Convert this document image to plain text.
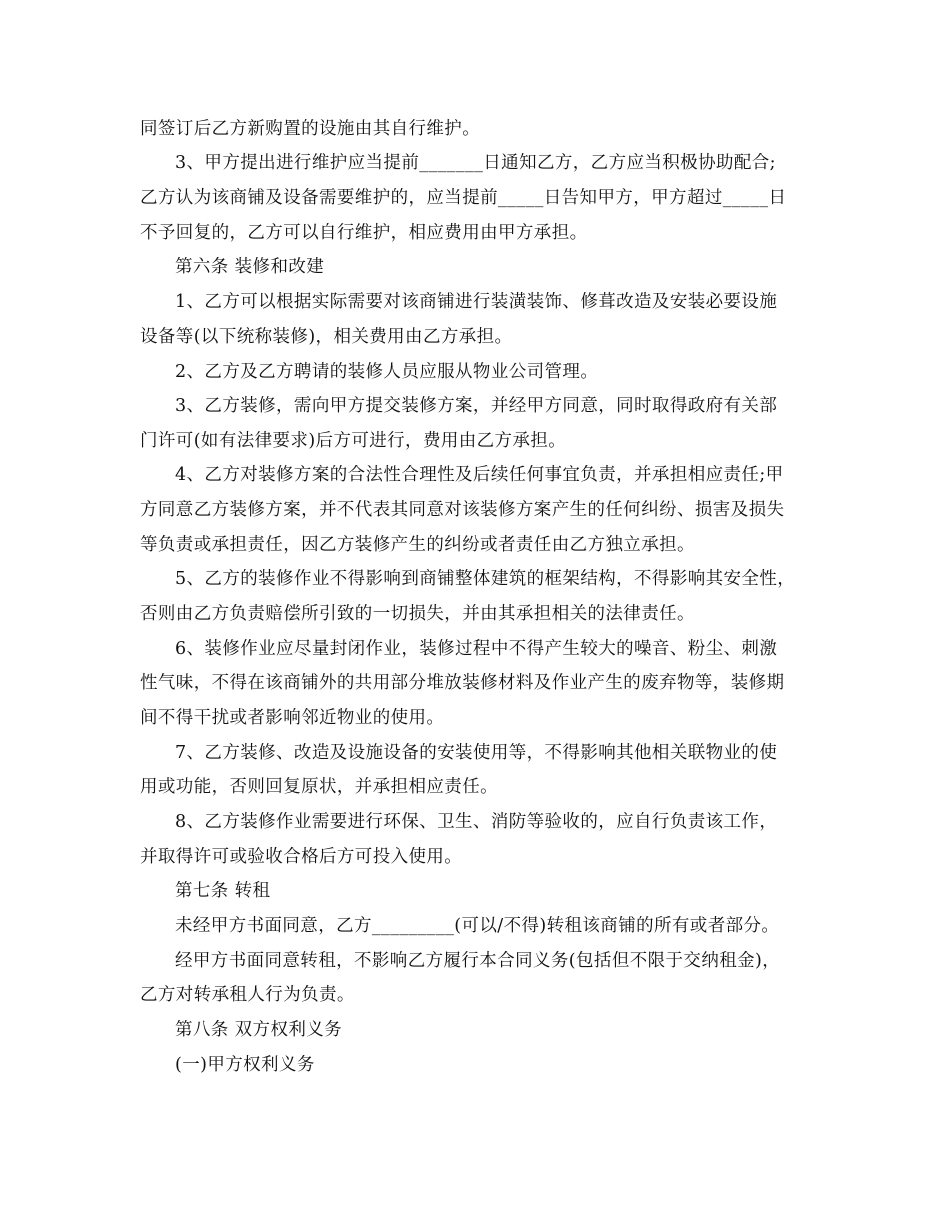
同签订后乙方新购置的设施由其自行维护。
3、甲方提出进行维护应当提前_______日通知乙方，乙方应当积极协助配合;
乙方认为该商铺及设备需要维护的，应当提前_____日告知甲方，甲方超过_____日
不予回复的，乙方可以自行维护，相应费用由甲方承担。
第六条 装修和改建
1、乙方可以根据实际需要对该商铺进行装潢装饰、修葺改造及安装必要设施
设备等(以下统称装修)，相关费用由乙方承担。
2、乙方及乙方聘请的装修人员应服从物业公司管理。
3、乙方装修，需向甲方提交装修方案，并经甲方同意，同时取得政府有关部
门许可(如有法律要求)后方可进行，费用由乙方承担。
4、乙方对装修方案的合法性合理性及后续任何事宜负责，并承担相应责任;甲
方同意乙方装修方案，并不代表其同意对该装修方案产生的任何纠纷、损害及损失
等负责或承担责任，因乙方装修产生的纠纷或者责任由乙方独立承担。
5、乙方的装修作业不得影响到商铺整体建筑的框架结构，不得影响其安全性，
否则由乙方负责赔偿所引致的一切损失，并由其承担相关的法律责任。
6、装修作业应尽量封闭作业，装修过程中不得产生较大的噪音、粉尘、刺激
性气味，不得在该商铺外的共用部分堆放装修材料及作业产生的废弃物等，装修期
间不得干扰或者影响邻近物业的使用。
7、乙方装修、改造及设施设备的安装使用等，不得影响其他相关联物业的使
用或功能，否则回复原状，并承担相应责任。
8、乙方装修作业需要进行环保、卫生、消防等验收的，应自行负责该工作，
并取得许可或验收合格后方可投入使用。
第七条 转租
未经甲方书面同意，乙方_________(可以/不得)转租该商铺的所有或者部分。
经甲方书面同意转租，不影响乙方履行本合同义务(包括但不限于交纳租金)，
乙方对转承租人行为负责。
第八条 双方权利义务
(一)甲方权利义务
